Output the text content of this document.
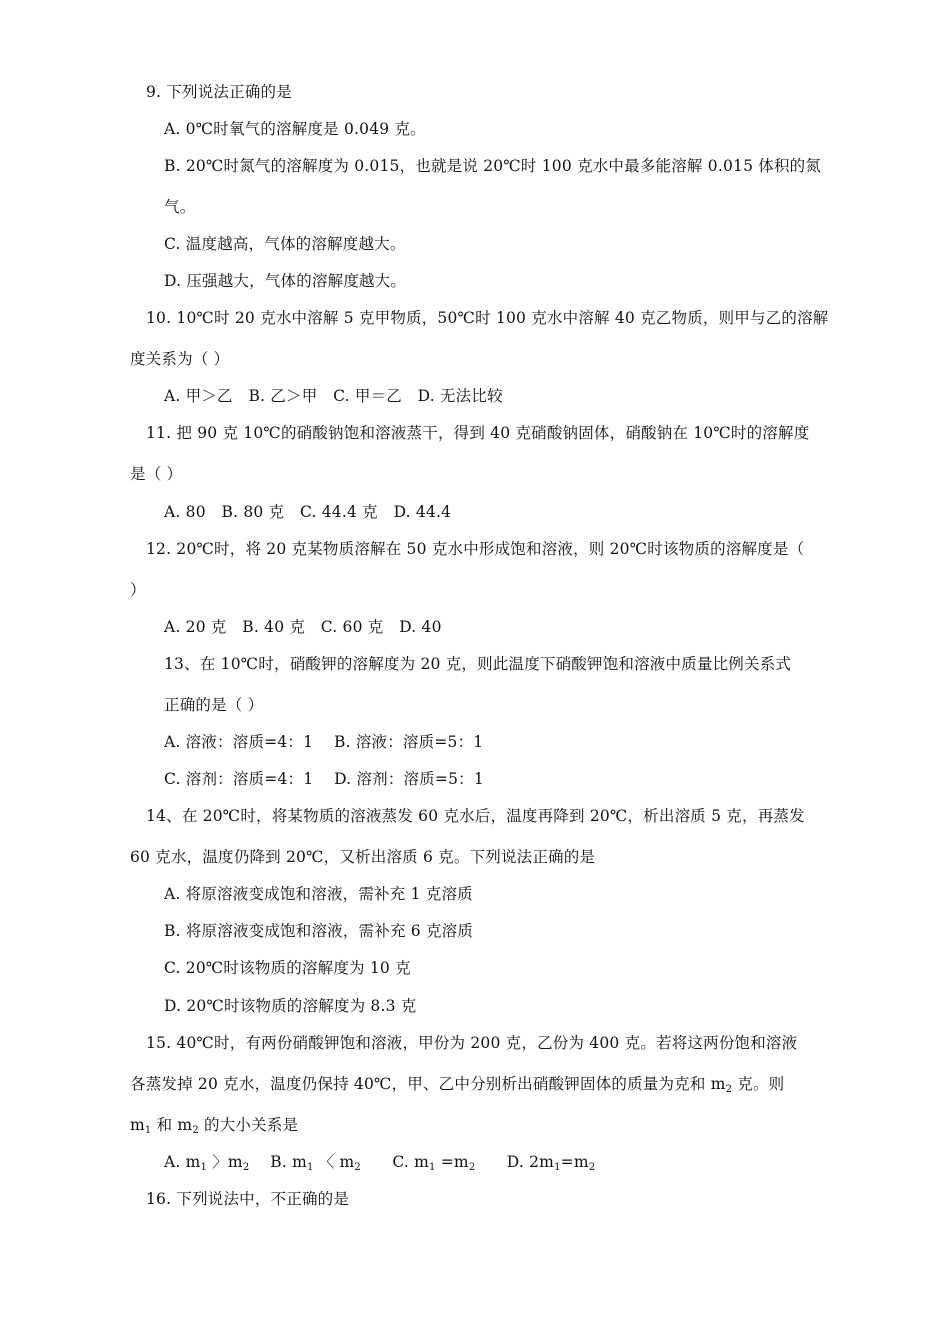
9. 下列说法正确的是
A. 0℃时氧气的溶解度是 0.049 克。
B. 20℃时氮气的溶解度为 0.015，也就是说 20℃时 100 克水中最多能溶解 0.015 体积的氮
气。
C. 温度越高，气体的溶解度越大。
D. 压强越大，气体的溶解度越大。
10. 10℃时 20 克水中溶解 5 克甲物质，50℃时 100 克水中溶解 40 克乙物质，则甲与乙的溶解
度关系为（ ）
A. 甲＞乙　B. 乙＞甲　C. 甲＝乙　D. 无法比较
11. 把 90 克 10℃的硝酸钠饱和溶液蒸干，得到 40 克硝酸钠固体，硝酸钠在 10℃时的溶解度
是（ ）
A. 80　B. 80 克　C. 44.4 克　D. 44.4
12. 20℃时，将 20 克某物质溶解在 50 克水中形成饱和溶液，则 20℃时该物质的溶解度是（
）
A. 20 克　B. 40 克　C. 60 克　D. 40
13、在 10℃时，硝酸钾的溶解度为 20 克，则此温度下硝酸钾饱和溶液中质量比例关系式
正确的是（ ）
A. 溶液：溶质=4：1　 B. 溶液：溶质=5：1
C. 溶剂：溶质=4：1　 D. 溶剂：溶质=5：1
14、在 20℃时，将某物质的溶液蒸发 60 克水后，温度再降到 20℃，析出溶质 5 克，再蒸发
60 克水，温度仍降到 20℃，又析出溶质 6 克。下列说法正确的是
A. 将原溶液变成饱和溶液，需补充 1 克溶质
B. 将原溶液变成饱和溶液，需补充 6 克溶质
C. 20℃时该物质的溶解度为 10 克
D. 20℃时该物质的溶解度为 8.3 克
15. 40℃时，有两份硝酸钾饱和溶液，甲份为 200 克，乙份为 400 克。若将这两份饱和溶液
各蒸发掉 20 克水，温度仍保持 40℃，甲、乙中分别析出硝酸钾固体的质量为克和 $m_2$ 克。则
$m_1$ 和 $m_2$ 的大小关系是
A. $m_1$ 〉$m_2$　 B. $m_1$ 〈 $m_2$　　C. $m_1 =m_2$　　D. $2m_1=m_2$
16. 下列说法中，不正确的是
